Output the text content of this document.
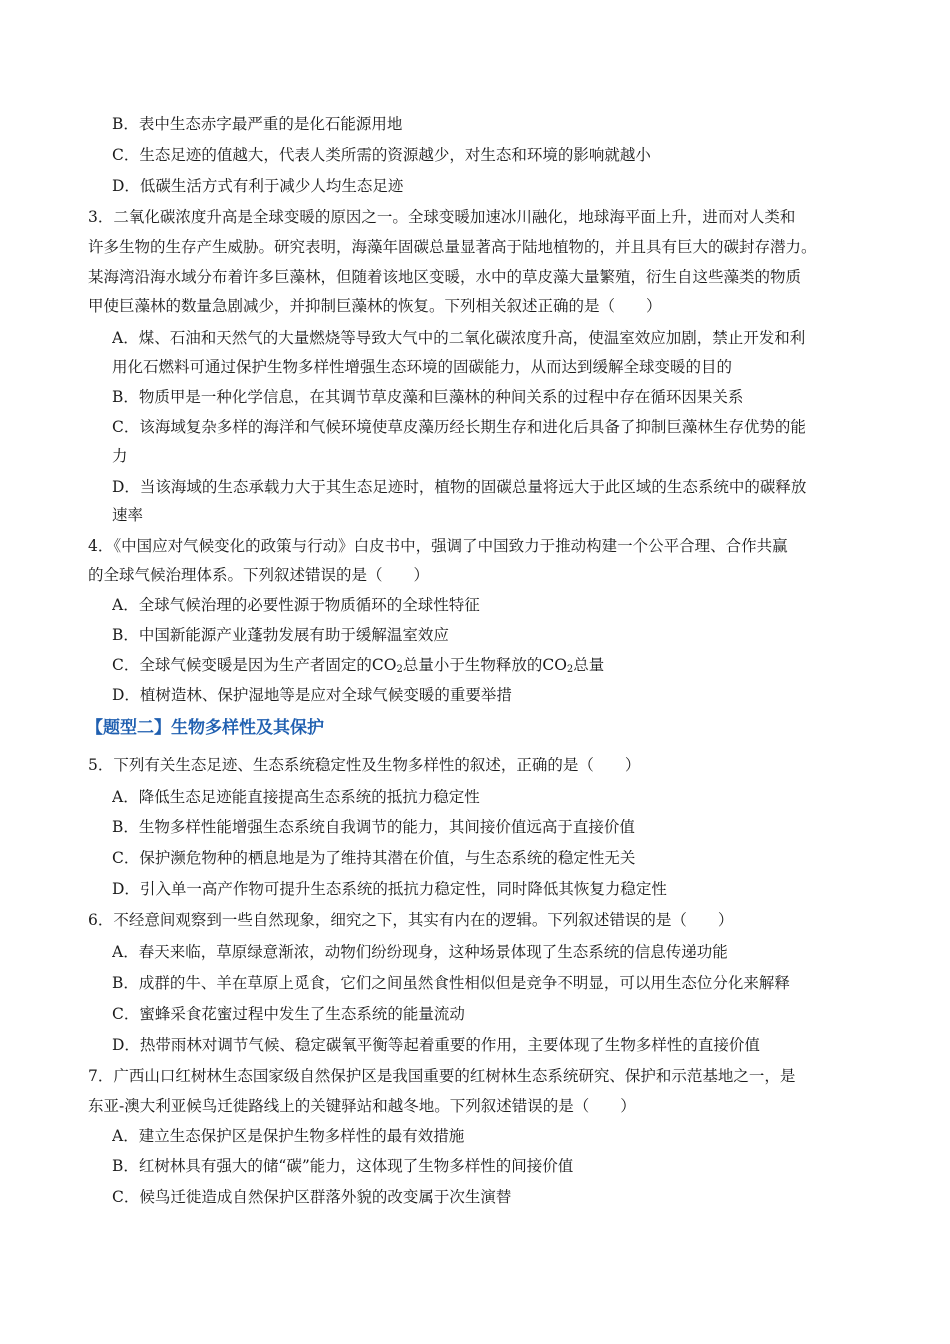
B．表中生态赤字最严重的是化石能源用地
C．生态足迹的值越大，代表人类所需的资源越少，对生态和环境的影响就越小
D．低碳生活方式有利于减少人均生态足迹
3．二氧化碳浓度升高是全球变暖的原因之一。全球变暖加速冰川融化，地球海平面上升，进而对人类和
许多生物的生存产生威胁。研究表明，海藻年固碳总量显著高于陆地植物的，并且具有巨大的碳封存潜力。
某海湾沿海水域分布着许多巨藻林，但随着该地区变暖，水中的草皮藻大量繁殖，衍生自这些藻类的物质
甲使巨藻林的数量急剧减少，并抑制巨藻林的恢复。下列相关叙述正确的是（　　）
A．煤、石油和天然气的大量燃烧等导致大气中的二氧化碳浓度升高，使温室效应加剧，禁止开发和利
用化石燃料可通过保护生物多样性增强生态环境的固碳能力，从而达到缓解全球变暖的目的
B．物质甲是一种化学信息，在其调节草皮藻和巨藻林的种间关系的过程中存在循环因果关系
C．该海域复杂多样的海洋和气候环境使草皮藻历经长期生存和进化后具备了抑制巨藻林生存优势的能
力
D．当该海域的生态承载力大于其生态足迹时，植物的固碳总量将远大于此区域的生态系统中的碳释放
速率
4．《中国应对气候变化的政策与行动》白皮书中，强调了中国致力于推动构建一个公平合理、合作共赢
的全球气候治理体系。下列叙述错误的是（　　）
A．全球气候治理的必要性源于物质循环的全球性特征
B．中国新能源产业蓬勃发展有助于缓解温室效应
C．全球气候变暖是因为生产者固定的$CO_2$总量小于生物释放的$CO_2$总量
D．植树造林、保护湿地等是应对全球气候变暖的重要举措
【题型二】生物多样性及其保护
5．下列有关生态足迹、生态系统稳定性及生物多样性的叙述，正确的是（　　）
A．降低生态足迹能直接提高生态系统的抵抗力稳定性
B．生物多样性能增强生态系统自我调节的能力，其间接价值远高于直接价值
C．保护濒危物种的栖息地是为了维持其潜在价值，与生态系统的稳定性无关
D．引入单一高产作物可提升生态系统的抵抗力稳定性，同时降低其恢复力稳定性
6．不经意间观察到一些自然现象，细究之下，其实有内在的逻辑。下列叙述错误的是（　　）
A．春天来临，草原绿意渐浓，动物们纷纷现身，这种场景体现了生态系统的信息传递功能
B．成群的牛、羊在草原上觅食，它们之间虽然食性相似但是竞争不明显，可以用生态位分化来解释
C．蜜蜂采食花蜜过程中发生了生态系统的能量流动
D．热带雨林对调节气候、稳定碳氧平衡等起着重要的作用，主要体现了生物多样性的直接价值
7．广西山口红树林生态国家级自然保护区是我国重要的红树林生态系统研究、保护和示范基地之一，是
东亚-澳大利亚候鸟迁徙路线上的关键驿站和越冬地。下列叙述错误的是（　　）
A．建立生态保护区是保护生物多样性的最有效措施
B．红树林具有强大的储“碳”能力，这体现了生物多样性的间接价值
C．候鸟迁徙造成自然保护区群落外貌的改变属于次生演替
